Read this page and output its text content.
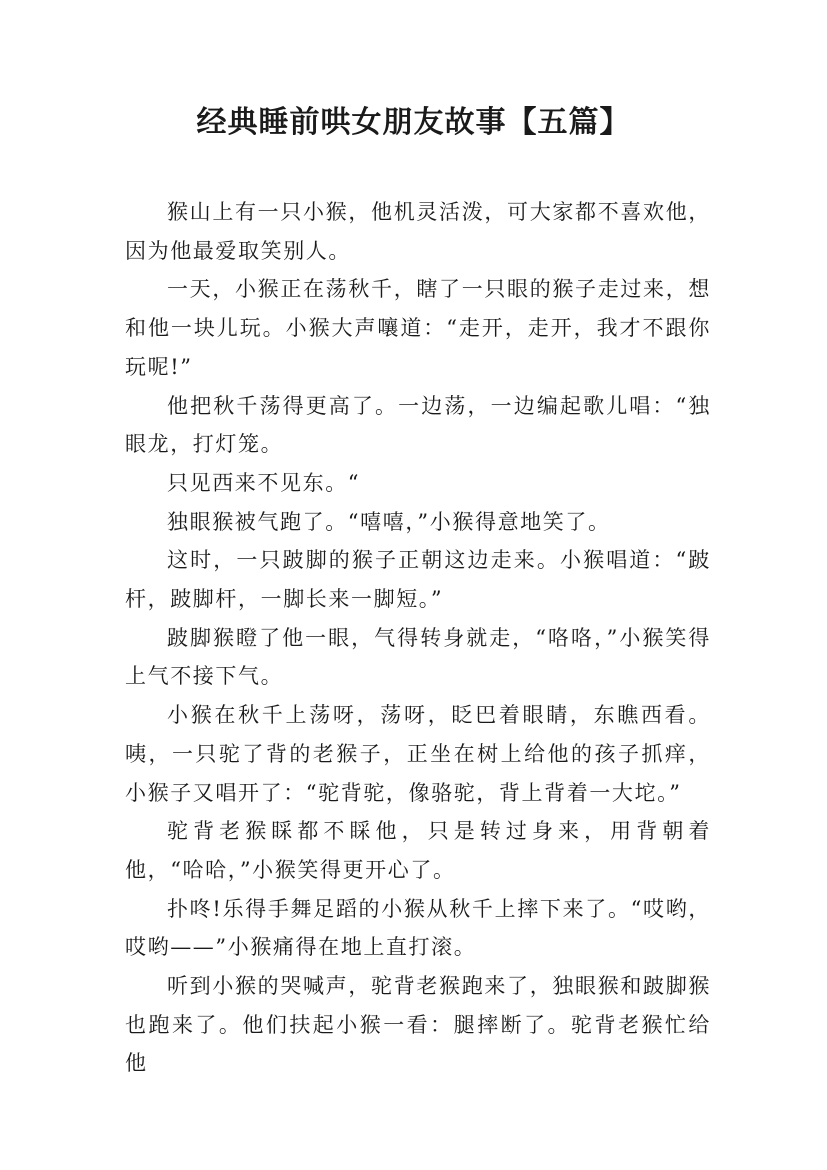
经典睡前哄女朋友故事【五篇】

猴山上有一只小猴，他机灵活泼，可大家都不喜欢他，因为他最爱取笑别人。

一天，小猴正在荡秋千，瞎了一只眼的猴子走过来，想和他一块儿玩。小猴大声嚷道：“走开，走开，我才不跟你玩呢!”

他把秋千荡得更高了。一边荡，一边编起歌儿唱：“独眼龙，打灯笼。

只见西来不见东。“

独眼猴被气跑了。“嘻嘻，”小猴得意地笑了。

这时，一只跛脚的猴子正朝这边走来。小猴唱道：“跛杆，跛脚杆，一脚长来一脚短。”

跛脚猴瞪了他一眼，气得转身就走，“咯咯，”小猴笑得上气不接下气。

小猴在秋千上荡呀，荡呀，眨巴着眼睛，东瞧西看。咦，一只驼了背的老猴子，正坐在树上给他的孩子抓痒，小猴子又唱开了：“驼背驼，像骆驼，背上背着一大坨。”

驼背老猴睬都不睬他，只是转过身来，用背朝着他，“哈哈，”小猴笑得更开心了。

扑咚!乐得手舞足蹈的小猴从秋千上摔下来了。“哎哟，哎哟——”小猴痛得在地上直打滚。

听到小猴的哭喊声，驼背老猴跑来了，独眼猴和跛脚猴也跑来了。他们扶起小猴一看：腿摔断了。驼背老猴忙给他
